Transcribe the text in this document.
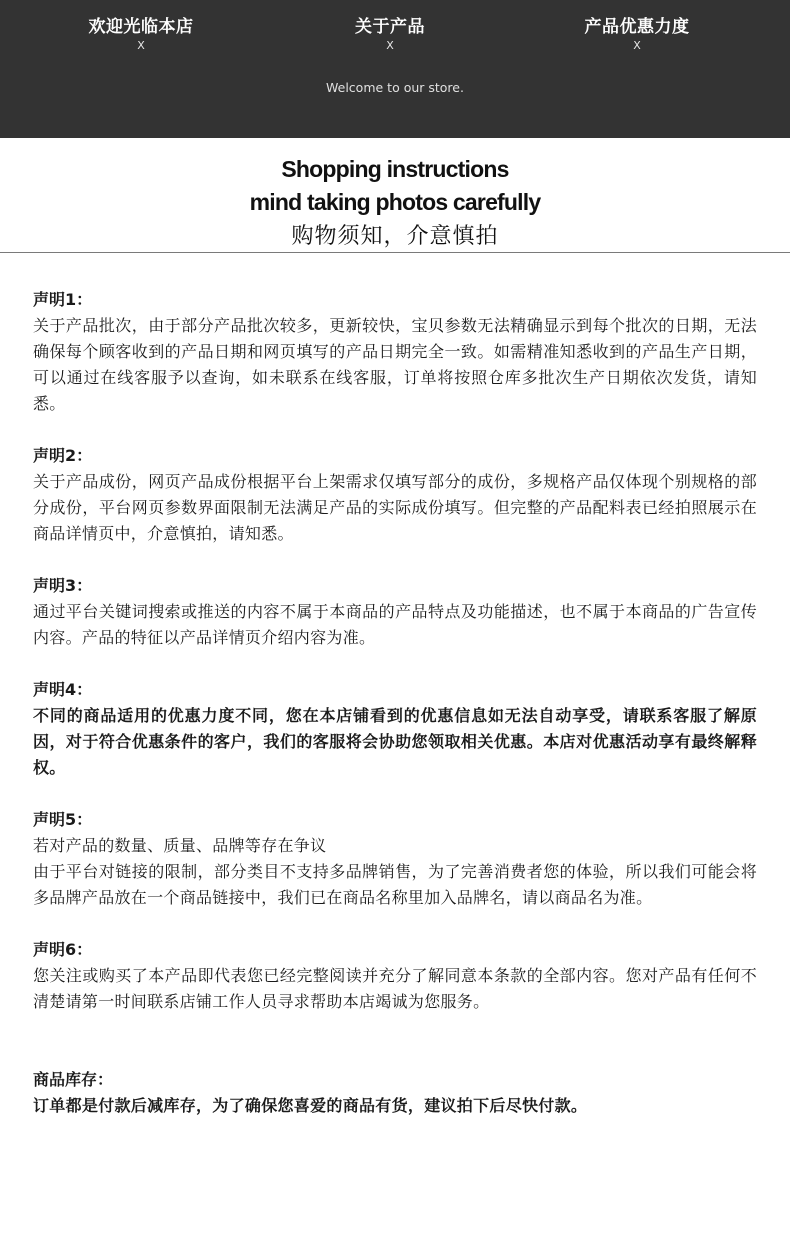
欢迎光临本店
X
关于产品
X
产品优惠力度
X
Welcome to our store.
Shopping instructions
mind taking photos carefully
购物须知，介意慎拍
声明1：
关于产品批次，由于部分产品批次较多，更新较快，宝贝参数无法精确显示到每个批次的日期，无法确保每个顾客收到的产品日期和网页填写的产品日期完全一致。如需精准知悉收到的产品生产日期，可以通过在线客服予以查询，如未联系在线客服，订单将按照仓库多批次生产日期依次发货，请知悉。
声明2：
关于产品成份，网页产品成份根据平台上架需求仅填写部分的成份，多规格产品仅体现个别规格的部分成份，平台网页参数界面限制无法满足产品的实际成份填写。但完整的产品配料表已经拍照展示在商品详情页中，介意慎拍，请知悉。
声明3：
通过平台关键词搜索或推送的内容不属于本商品的产品特点及功能描述，也不属于本商品的广告宣传内容。产品的特征以产品详情页介绍内容为准。
声明4：
不同的商品适用的优惠力度不同，您在本店铺看到的优惠信息如无法自动享受，请联系客服了解原因，对于符合优惠条件的客户，我们的客服将会协助您领取相关优惠。本店对优惠活动享有最终解释权。
声明5：
若对产品的数量、质量、品牌等存在争议
由于平台对链接的限制，部分类目不支持多品牌销售，为了完善消费者您的体验，所以我们可能会将多品牌产品放在一个商品链接中，我们已在商品名称里加入品牌名，请以商品名为准。
声明6：
您关注或购买了本产品即代表您已经完整阅读并充分了解同意本条款的全部内容。您对产品有任何不清楚请第一时间联系店铺工作人员寻求帮助本店竭诚为您服务。
商品库存：
订单都是付款后减库存，为了确保您喜爱的商品有货，建议拍下后尽快付款。
